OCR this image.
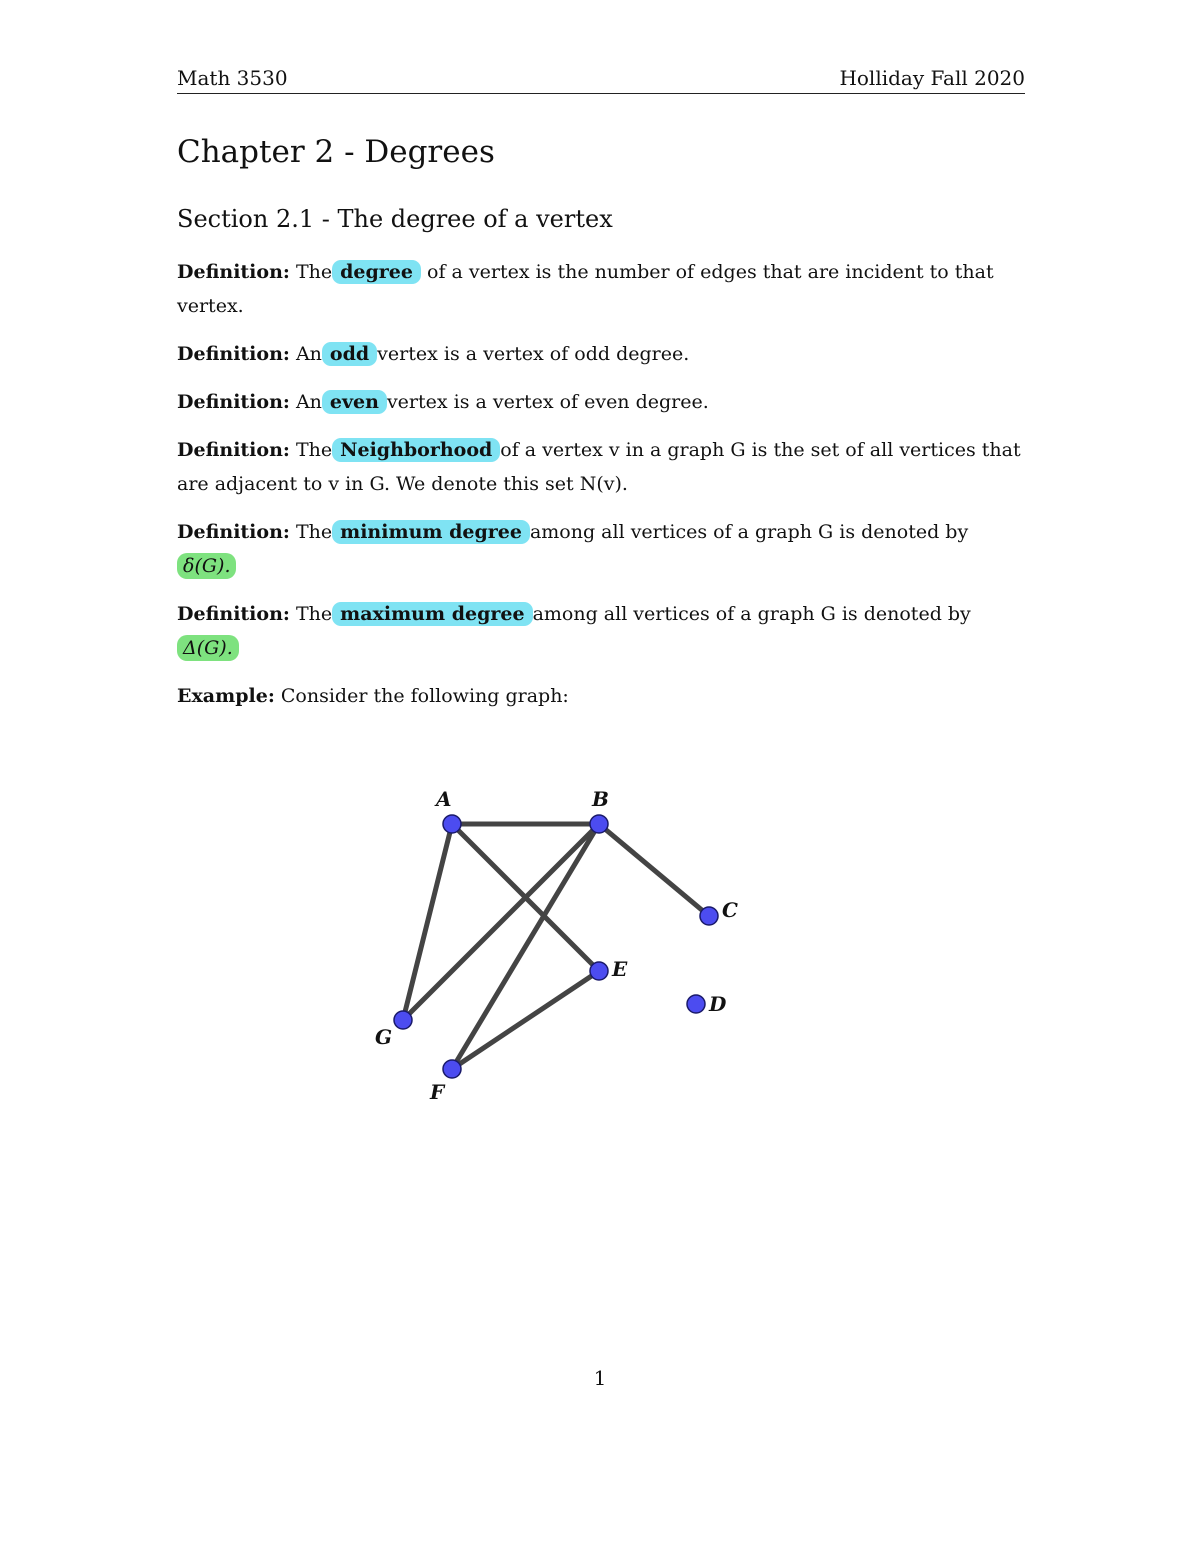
Math 3530	Holliday Fall 2020
Chapter 2 - Degrees
Section 2.1 - The degree of a vertex

Definition: The degree of a vertex is the number of edges that are incident to that vertex.

Definition: An odd vertex is a vertex of odd degree.

Definition: An even vertex is a vertex of even degree.

Definition: The Neighborhood of a vertex v in a graph G is the set of all vertices that are adjacent to v in G. We denote this set N(v).

Definition: The minimum degree among all vertices of a graph G is denoted by
δ(G).

Definition: The maximum degree among all vertices of a graph G is denoted by
Δ(G).

Example: Consider the following graph:

A	B
C
D
E
F
G
1
